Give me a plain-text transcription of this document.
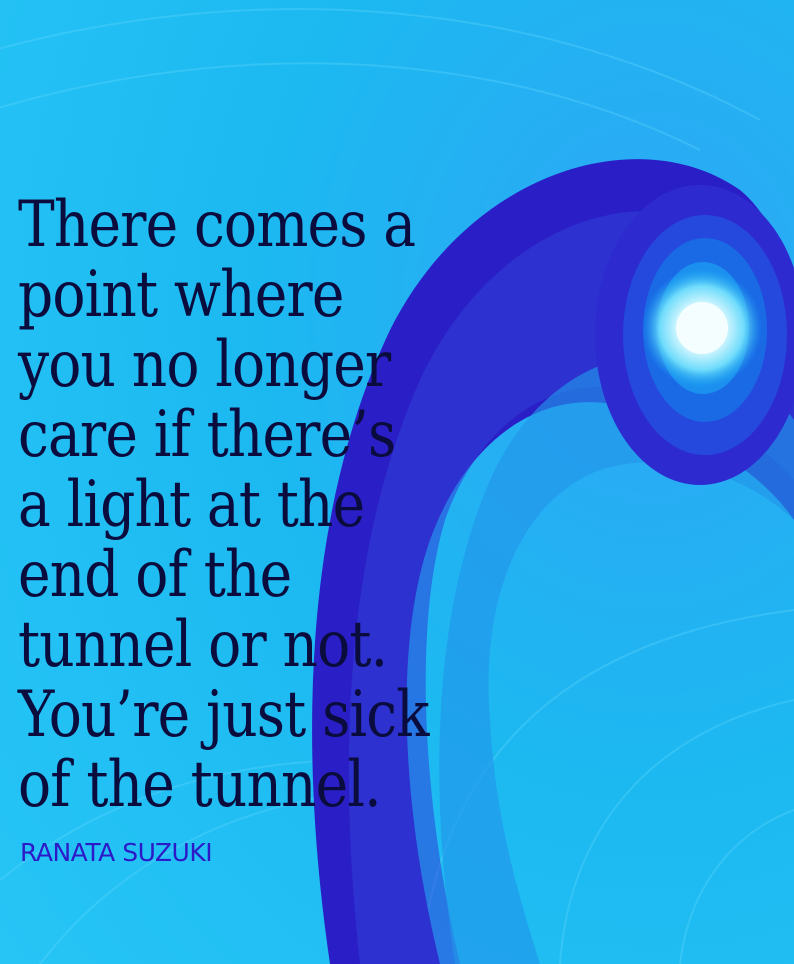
There comes a
point where
you no longer
care if there’s
a light at the
end of the
tunnel or not.
You’re just sick
of the tunnel.
RANATA SUZUKI
